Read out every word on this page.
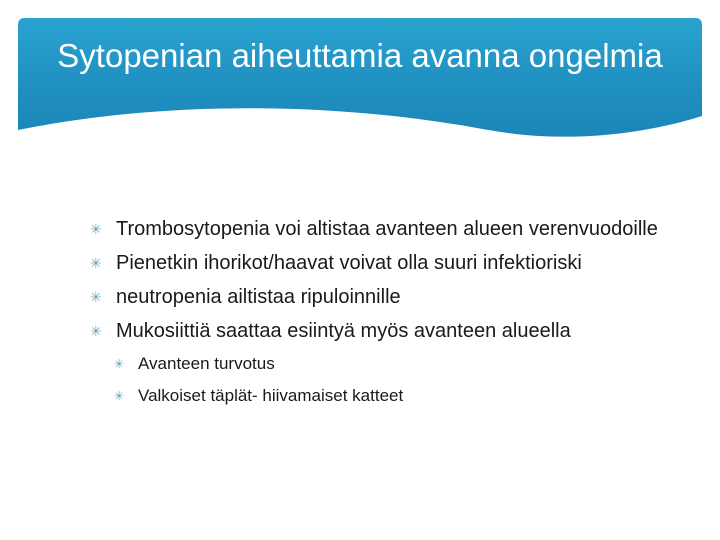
Sytopenian aiheuttamia avanna ongelmia

✳ Trombosytopenia voi altistaa avanteen alueen verenvuodoille

✳ Pienetkin ihorikot/haavat voivat olla suuri infektioriski

✳ neutropenia ailtistaa ripuloinnille

✳ Mukosiittiä saattaa esiintyä myös avanteen alueella

✳ Avanteen turvotus

✳ Valkoiset täplät- hiivamaiset katteet
